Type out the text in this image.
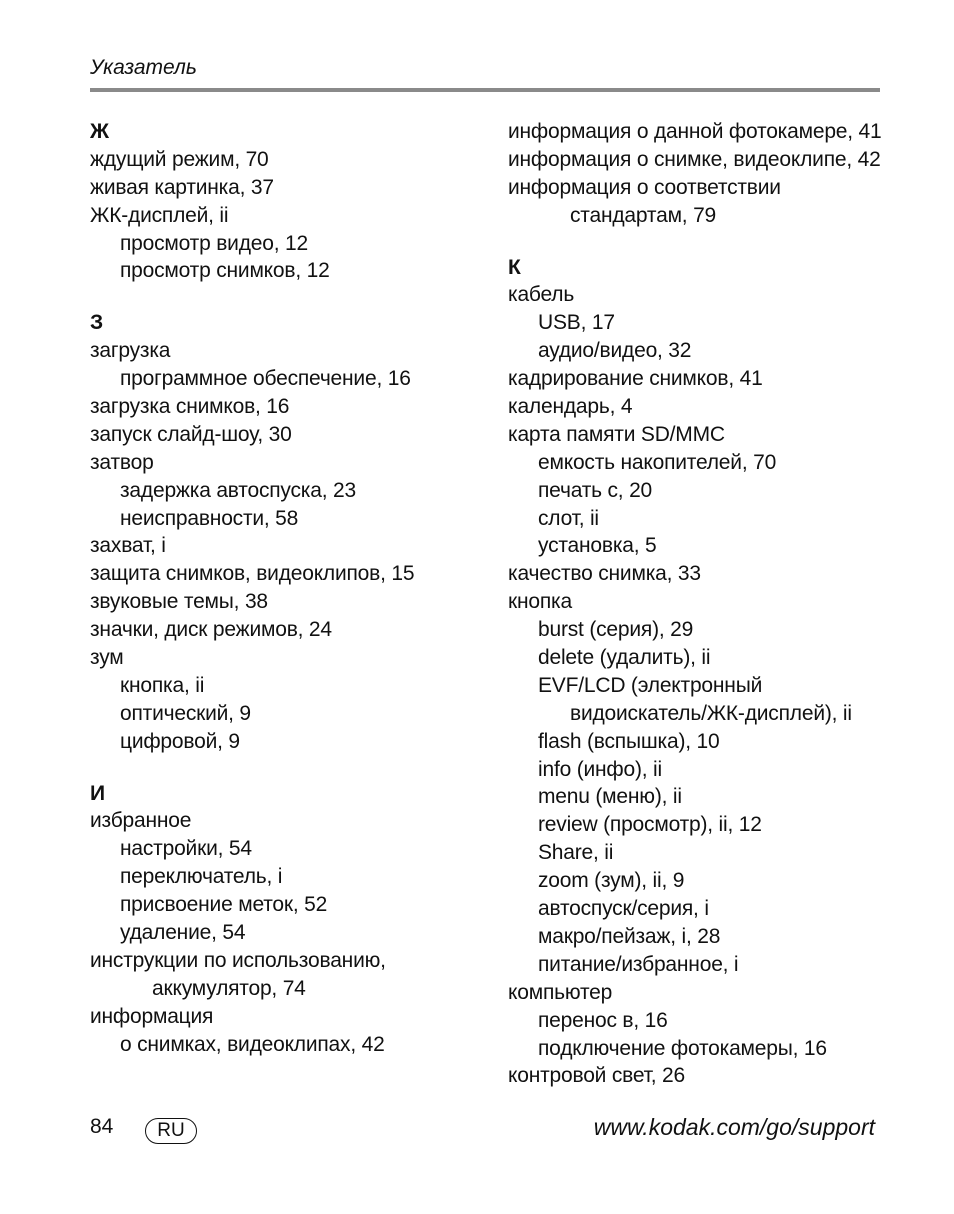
Указатель
Ж
ждущий режим, 70
живая картинка, 37
ЖК-дисплей, ii
просмотр видео, 12
просмотр снимков, 12
З
загрузка
программное обеспечение, 16
загрузка снимков, 16
запуск слайд-шоу, 30
затвор
задержка автоспуска, 23
неисправности, 58
захват, i
защита снимков, видеоклипов, 15
звуковые темы, 38
значки, диск режимов, 24
зум
кнопка, ii
оптический, 9
цифровой, 9
И
избранное
настройки, 54
переключатель, i
присвоение меток, 52
удаление, 54
инструкции по использованию,
аккумулятор, 74
информация
о снимках, видеоклипах, 42
информация о данной фотокамере, 41
информация о снимке, видеоклипе, 42
информация о соответствии
стандартам, 79
К
кабель
USB, 17
аудио/видео, 32
кадрирование снимков, 41
календарь, 4
карта памяти SD/MMC
емкость накопителей, 70
печать с, 20
слот, ii
установка, 5
качество снимка, 33
кнопка
burst (серия), 29
delete (удалить), ii
EVF/LCD (электронный
видоискатель/ЖК-дисплей), ii
flash (вспышка), 10
info (инфо), ii
menu (меню), ii
review (просмотр), ii, 12
Share, ii
zoom (зум), ii, 9
автоспуск/серия, i
макро/пейзаж, i, 28
питание/избранное, i
компьютер
перенос в, 16
подключение фотокамеры, 16
контровой свет, 26
84 RU	www.kodak.com/go/support
